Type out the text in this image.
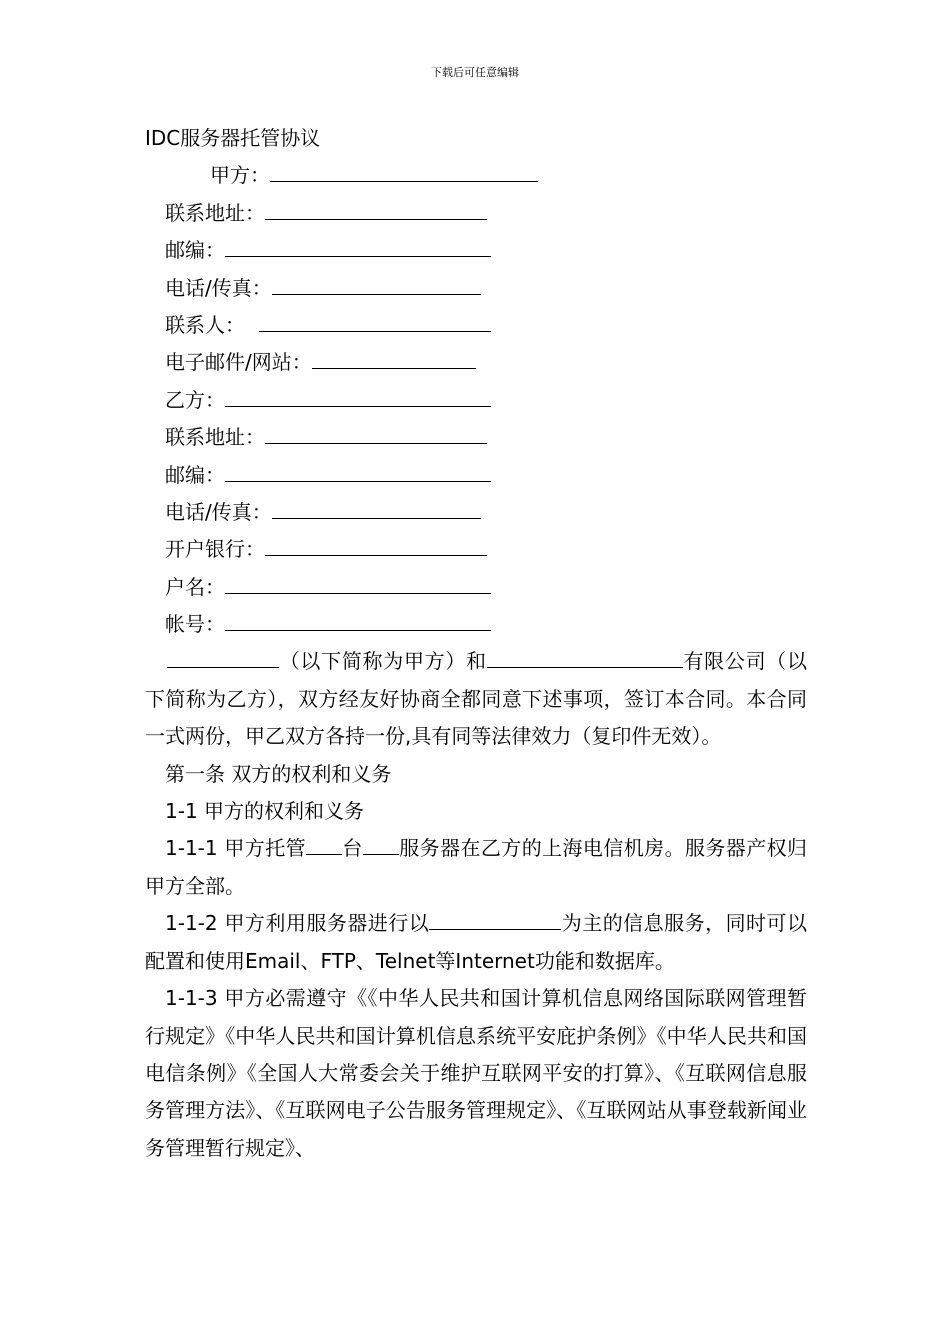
下载后可任意编辑
IDC服务器托管协议
甲方：
联系地址：
邮编：
电话/传真：
联系人：
电子邮件/网站：
乙方：
联系地址：
邮编：
电话/传真：
开户银行：
户名：
帐号：
（以下简称为甲方）和	有限公司（以下简称为乙方），双方经友好协商全都同意下述事项，签订本合同。本合同一式两份，甲乙双方各持一份,具有同等法律效力（复印件无效）。
第一条 双方的权利和义务
1-1 甲方的权利和义务
1-1-1 甲方托管 台 服务器在乙方的上海电信机房。服务器产权归甲方全部。
1-1-2 甲方利用服务器进行以	为主的信息服务，同时可以配置和使用Email、FTP、Telnet等Internet功能和数据库。
1-1-3 甲方必需遵守《《中华人民共和国计算机信息网络国际联网管理暂行规定》《中华人民共和国计算机信息系统平安庇护条例》《中华人民共和国电信条例》《全国人大常委会关于维护互联网平安的打算》、《互联网信息服务管理方法》、《互联网电子公告服务管理规定》、《互联网站从事登载新闻业务管理暂行规定》、
